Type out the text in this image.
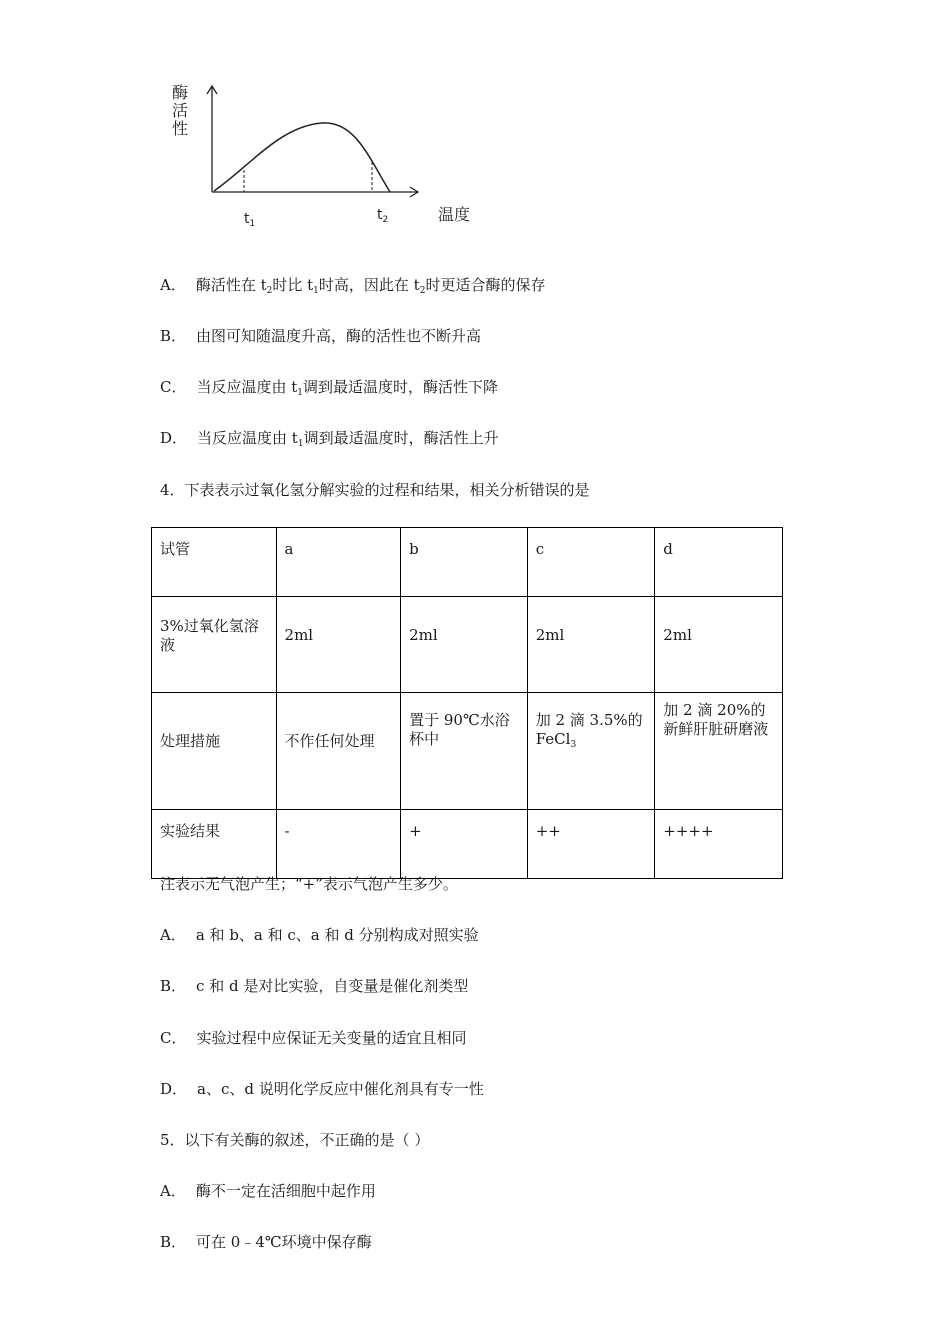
酶活性
温度
$t_1$
$t_2$
A． 酶活性在 $t_2$时比 $t_1$时高，因此在 $t_2$时更适合酶的保存
B． 由图可知随温度升高，酶的活性也不断升高
C． 当反应温度由 $t_1$调到最适温度时，酶活性下降
D． 当反应温度由 $t_1$调到最适温度时，酶活性上升
4．下表表示过氧化氢分解实验的过程和结果，相关分析错误的是
试管	a	b	c	d
3%过氧化氢溶液	2ml	2ml	2ml	2ml
处理措施	不作任何处理	置于 90℃水浴杯中	加 2 滴 3.5%的 FeCl$_3$	加 2 滴 20%的新鲜肝脏研磨液
实验结果	-	+	++	++++
注表示无气泡产生；“+”表示气泡产生多少。
A． a 和 b、a 和 c、a 和 d 分别构成对照实验
B． c 和 d 是对比实验，自变量是催化剂类型
C． 实验过程中应保证无关变量的适宜且相同
D． a、c、d 说明化学反应中催化剂具有专一性
5．以下有关酶的叙述，不正确的是（ ）
A． 酶不一定在活细胞中起作用
B． 可在 0﹣4℃环境中保存酶
